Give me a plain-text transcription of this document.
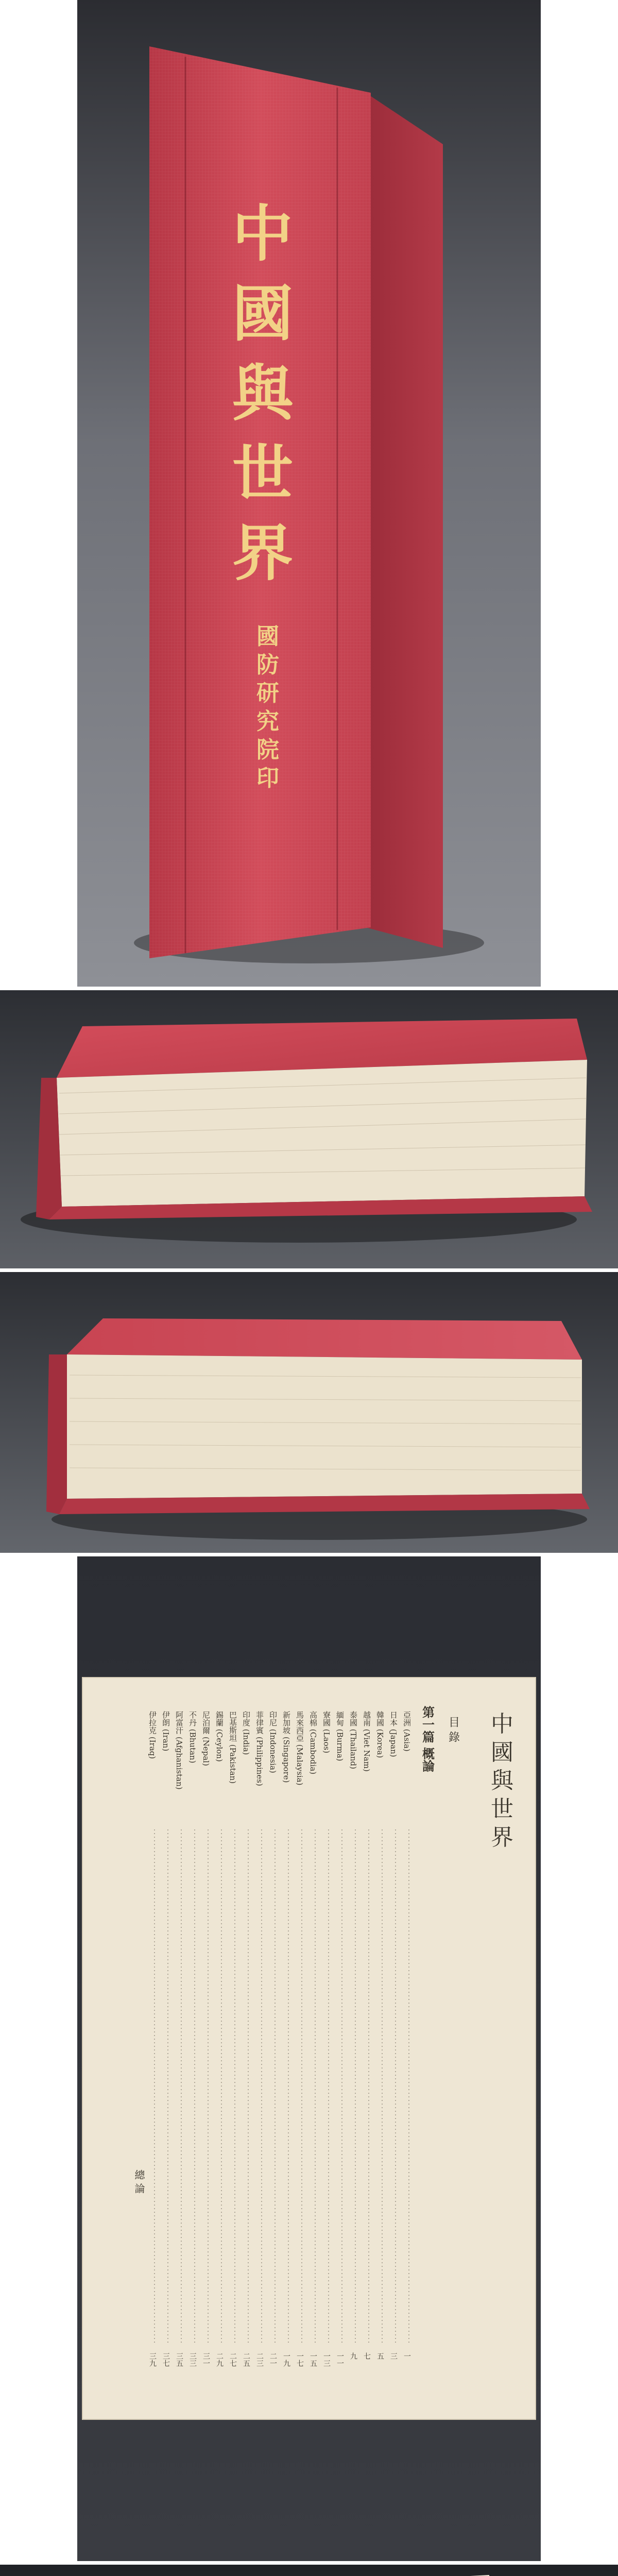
中
國
與
世
界
國
防
研
究
院
印
中
國
與
世
界
目 錄
第一篇 概論
亞洲 (Asia)
一
日本 (Japan)
三
韓國 (Korea)
五
越南 (Viet Nam)
七
泰國 (Thailand)
九
緬甸 (Burma)
一一
寮國 (Laos)
一三
高棉 (Cambodia)
一五
馬來西亞 (Malaysia)
一七
新加坡 (Singapore)
一九
印尼 (Indonesia)
二一
菲律賓 (Philippines)
二三
印度 (India)
二五
巴基斯坦 (Pakistan)
二七
錫蘭 (Ceylon)
二九
尼泊爾 (Nepal)
三一
不丹 (Bhutan)
三三
阿富汗 (Afghanistan)
三五
伊朗 (Iran)
三七
伊拉克 (Iraq)
三九
總 論
